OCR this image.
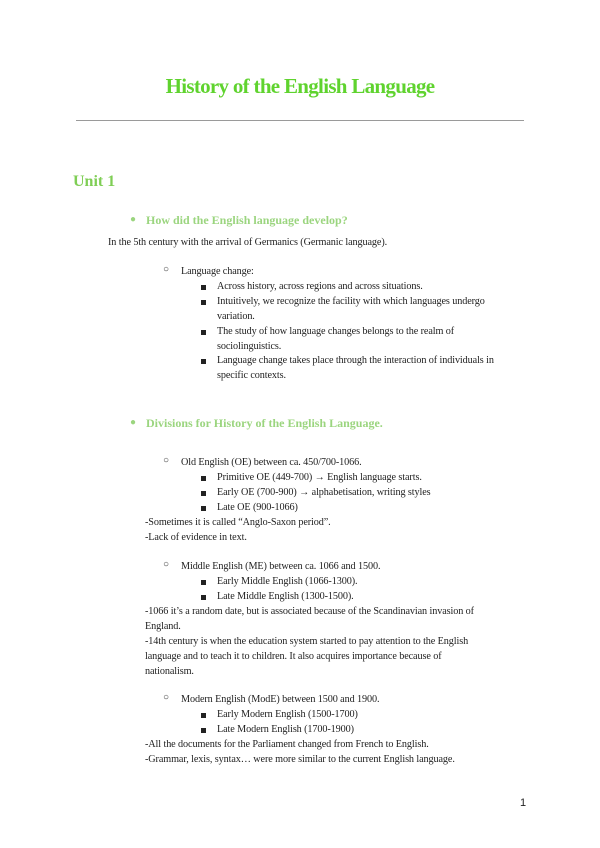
History of the English Language
Unit 1
● How did the English language develop?
In the 5th century with the arrival of Germanics (Germanic language).
○ Language change:
Across history, across regions and across situations.
Intuitively, we recognize the facility with which languages undergo
variation.
The study of how language changes belongs to the realm of
sociolinguistics.
Language change takes place through the interaction of individuals in
specific contexts.
● Divisions for History of the English Language.
○ Old English (OE) between ca. 450/700-1066.
Primitive OE (449-700) → English language starts.
Early OE (700-900) → alphabetisation, writing styles
Late OE (900-1066)
-Sometimes it is called “Anglo-Saxon period”.
-Lack of evidence in text.
○ Middle English (ME) between ca. 1066 and 1500.
Early Middle English (1066-1300).
Late Middle English (1300-1500).
-1066 it’s a random date, but is associated because of the Scandinavian invasion of
England.
-14th century is when the education system started to pay attention to the English
language and to teach it to children. It also acquires importance because of
nationalism.
○ Modern English (ModE) between 1500 and 1900.
Early Modern English (1500-1700)
Late Modern English (1700-1900)
-All the documents for the Parliament changed from French to English.
-Grammar, lexis, syntax… were more similar to the current English language.
1
